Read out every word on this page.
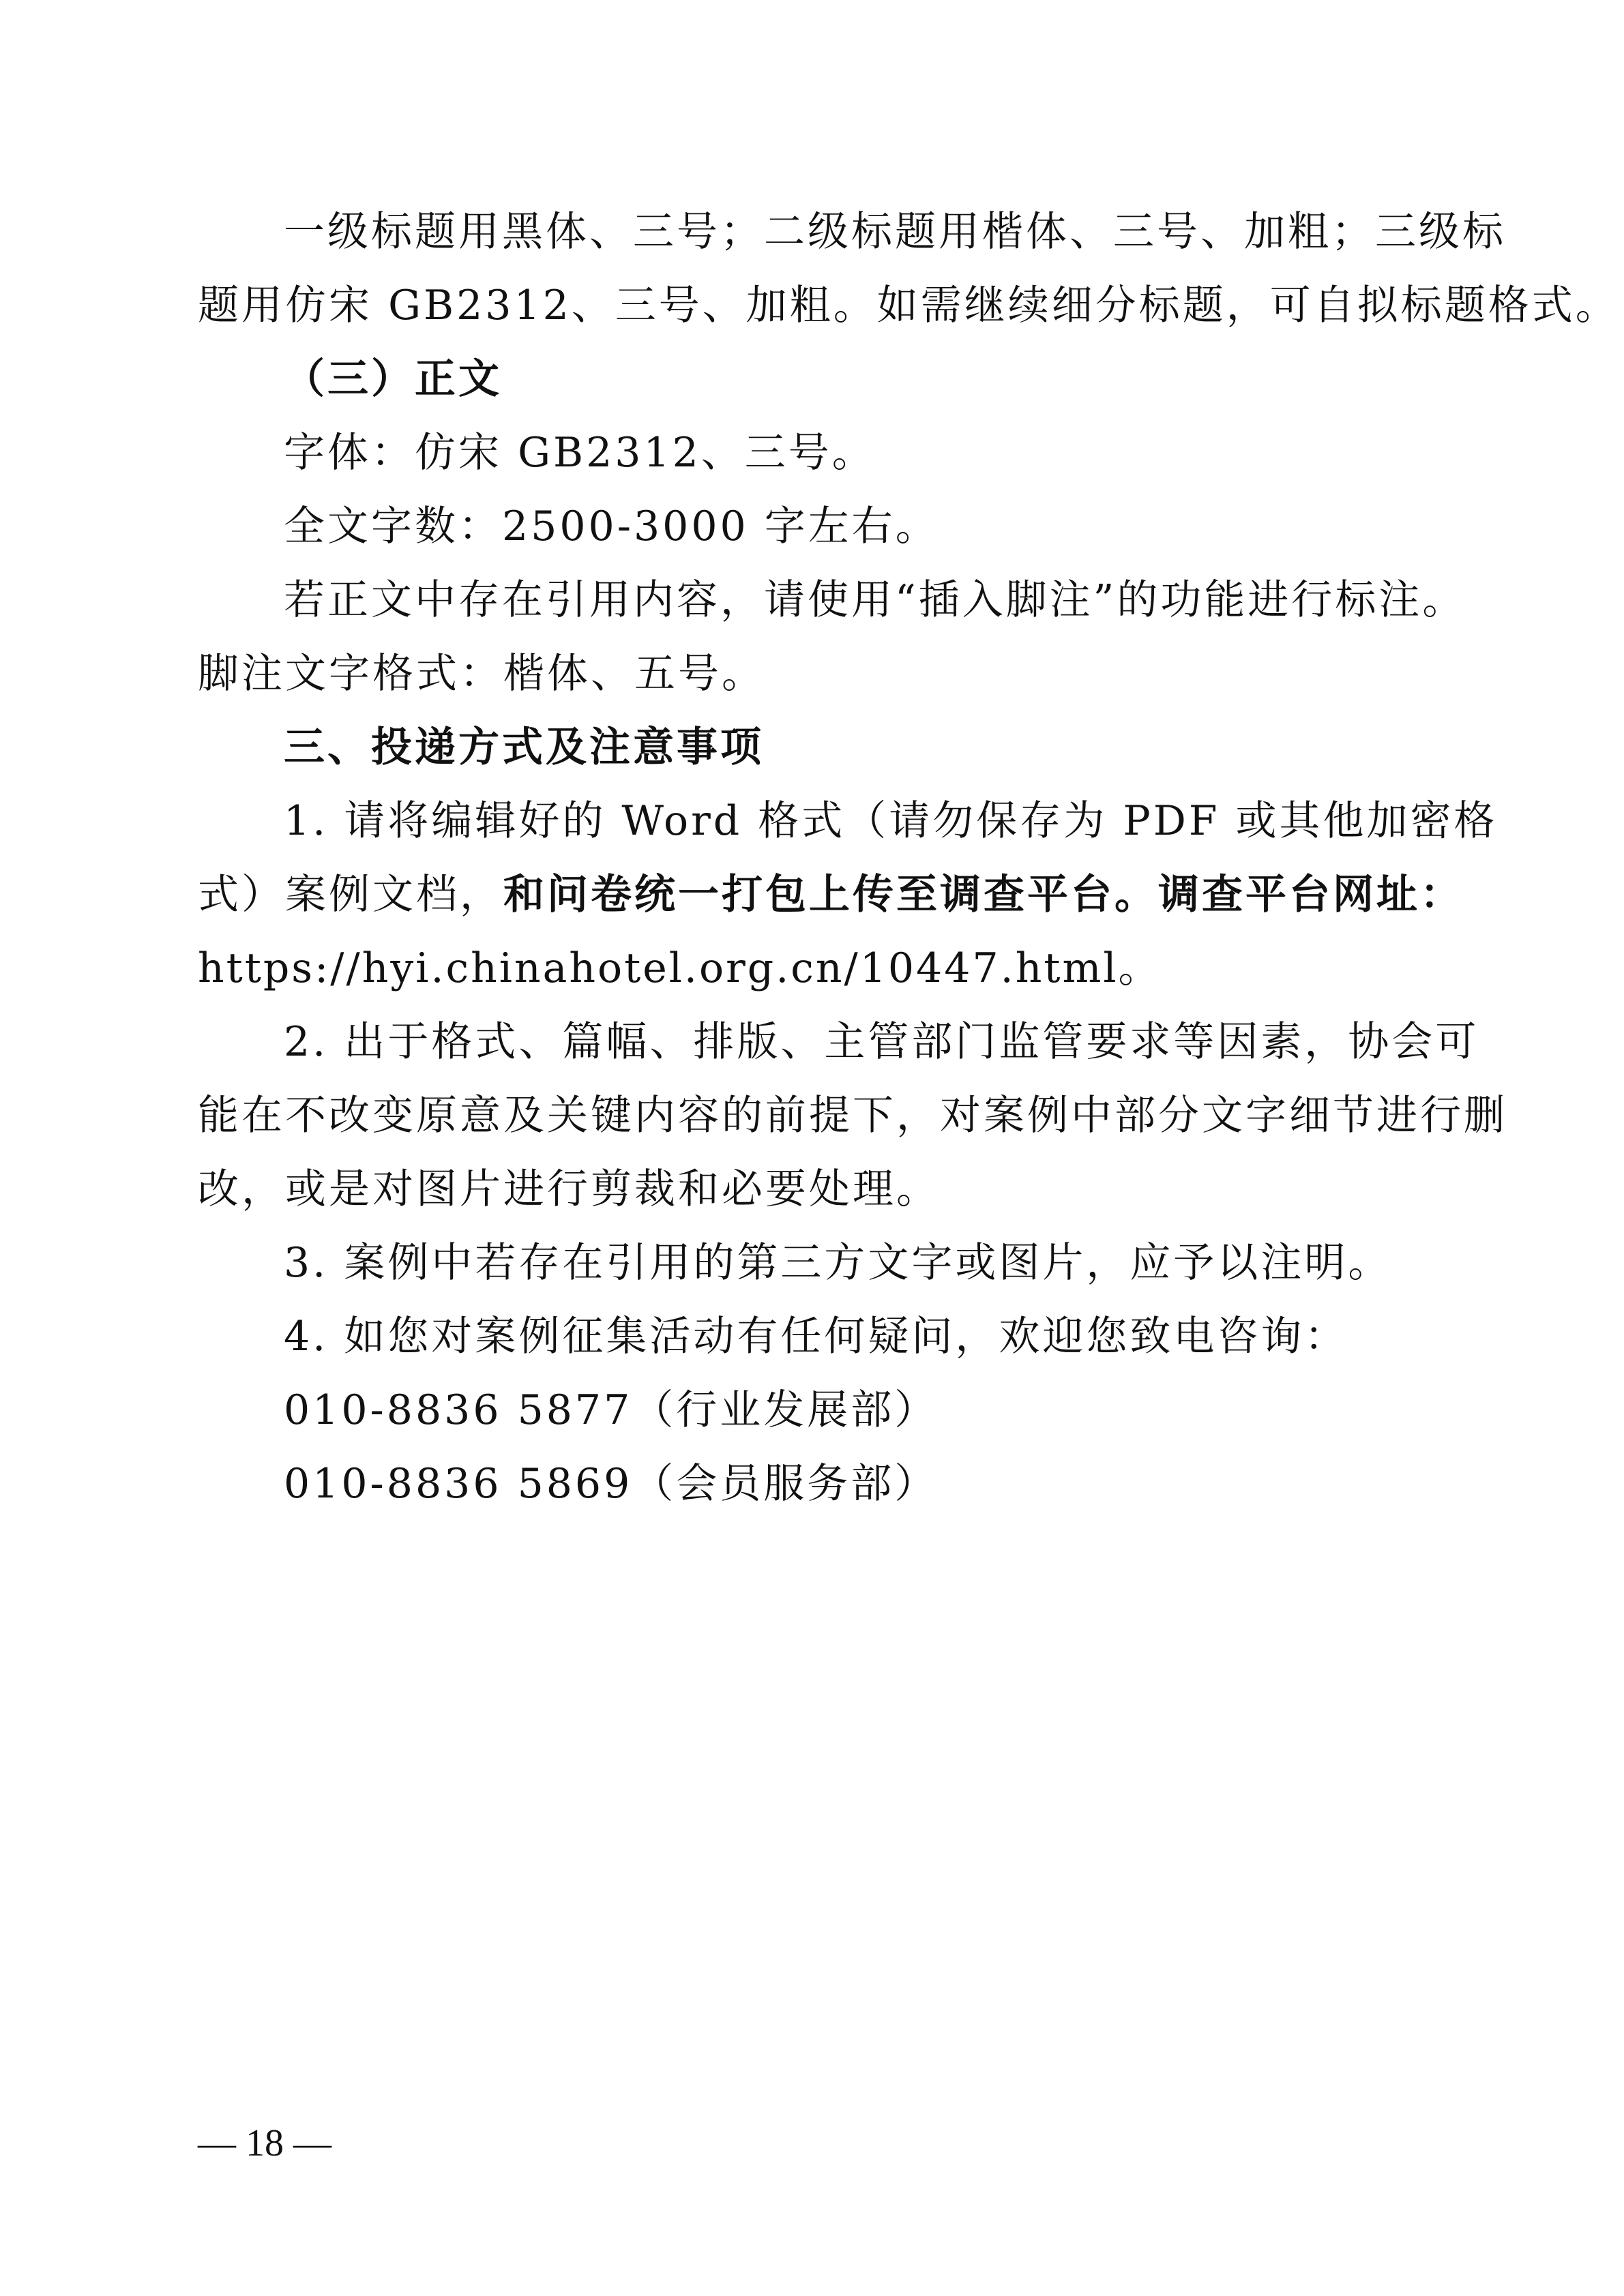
一级标题用黑体、三号；二级标题用楷体、三号、加粗；三级标
题用仿宋 GB2312、三号、加粗。如需继续细分标题，可自拟标题格式。
（三）正文
字体：仿宋 GB2312、三号。
全文字数：2500-3000 字左右。
若正文中存在引用内容，请使用“插入脚注”的功能进行标注。
脚注文字格式：楷体、五号。
三、投递方式及注意事项
1. 请将编辑好的 Word 格式（请勿保存为 PDF 或其他加密格
式）案例文档，和问卷统一打包上传至调查平台。调查平台网址：
https://hyi.chinahotel.org.cn/10447.html。
2. 出于格式、篇幅、排版、主管部门监管要求等因素，协会可
能在不改变原意及关键内容的前提下，对案例中部分文字细节进行删
改，或是对图片进行剪裁和必要处理。
3. 案例中若存在引用的第三方文字或图片，应予以注明。
4. 如您对案例征集活动有任何疑问，欢迎您致电咨询：
010-8836 5877（行业发展部）
010-8836 5869（会员服务部）
— 18 —
